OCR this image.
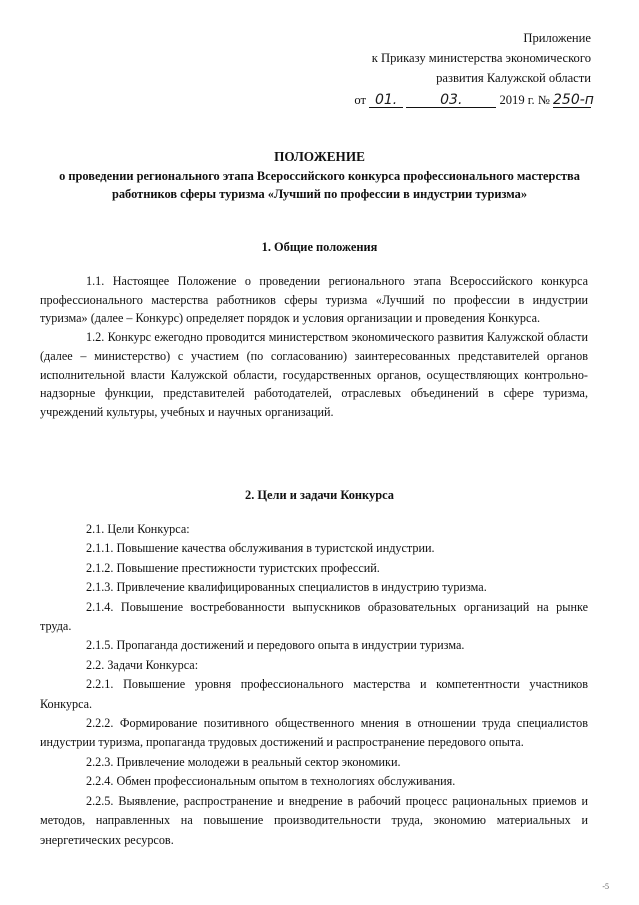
Приложение
к Приказу министерства экономического
развития Калужской области
от 01.	03.	2019 г. № 250-п
ПОЛОЖЕНИЕ
о проведении регионального этапа Всероссийского конкурса профессионального мастерства работников сферы туризма «Лучший по профессии в индустрии туризма»
1. Общие положения

1.1. Настоящее Положение о проведении регионального этапа Всероссийского конкурса профессионального мастерства работников сферы туризма «Лучший по профессии в индустрии туризма» (далее – Конкурс) определяет порядок и условия организации и проведения Конкурса.

1.2. Конкурс ежегодно проводится министерством экономического развития Калужской области (далее – министерство) с участием (по согласованию) заинтересованных представителей органов исполнительной власти Калужской области, государственных органов, осуществляющих контрольно-надзорные функции, представителей работодателей, отраслевых объединений в сфере туризма, учреждений культуры, учебных и научных организаций.

2. Цели и задачи Конкурса

2.1. Цели Конкурса:

2.1.1. Повышение качества обслуживания в туристской индустрии.

2.1.2. Повышение престижности туристских профессий.

2.1.3. Привлечение квалифицированных специалистов в индустрию туризма.

2.1.4. Повышение востребованности выпускников образовательных организаций на рынке труда.

2.1.5. Пропаганда достижений и передового опыта в индустрии туризма.

2.2. Задачи Конкурса:

2.2.1. Повышение уровня профессионального мастерства и компетентности участников Конкурса.

2.2.2. Формирование позитивного общественного мнения в отношении труда специалистов индустрии туризма, пропаганда трудовых достижений и распространение передового опыта.

2.2.3. Привлечение молодежи в реальный сектор экономики.

2.2.4. Обмен профессиональным опытом в технологиях обслуживания.

2.2.5. Выявление, распространение и внедрение в рабочий процесс рациональных приемов и методов, направленных на повышение производительности труда, экономию материальных и энергетических ресурсов.

-5
